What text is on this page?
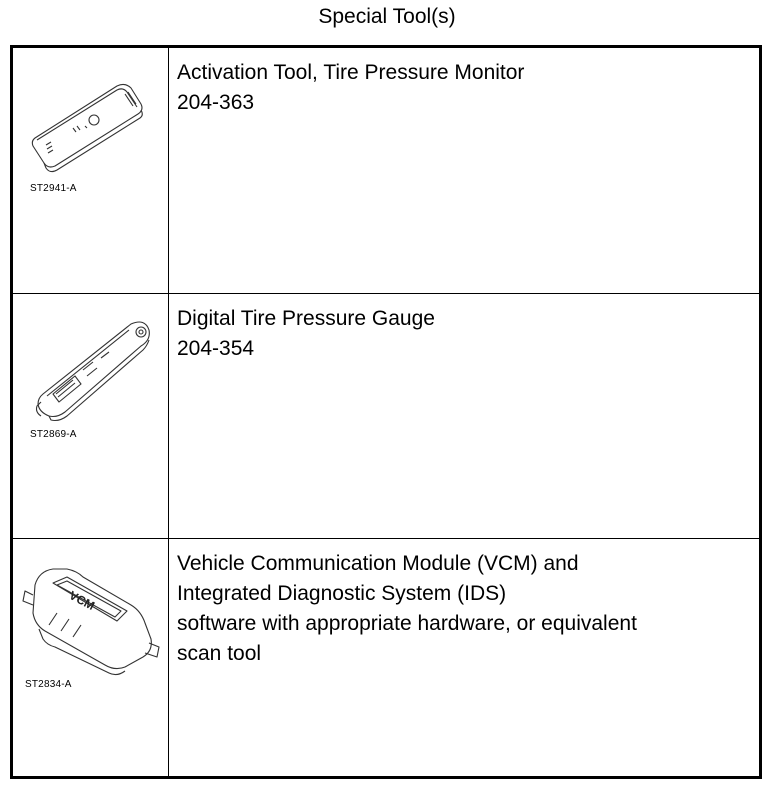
Special Tool(s)
ST2941-A

Activation Tool, Tire Pressure Monitor

204-363

ST2869-A

Digital Tire Pressure Gauge

204-354

VCM
ST2834-A

Vehicle Communication Module (VCM) and

Integrated Diagnostic System (IDS)

software with appropriate hardware, or equivalent

scan tool
